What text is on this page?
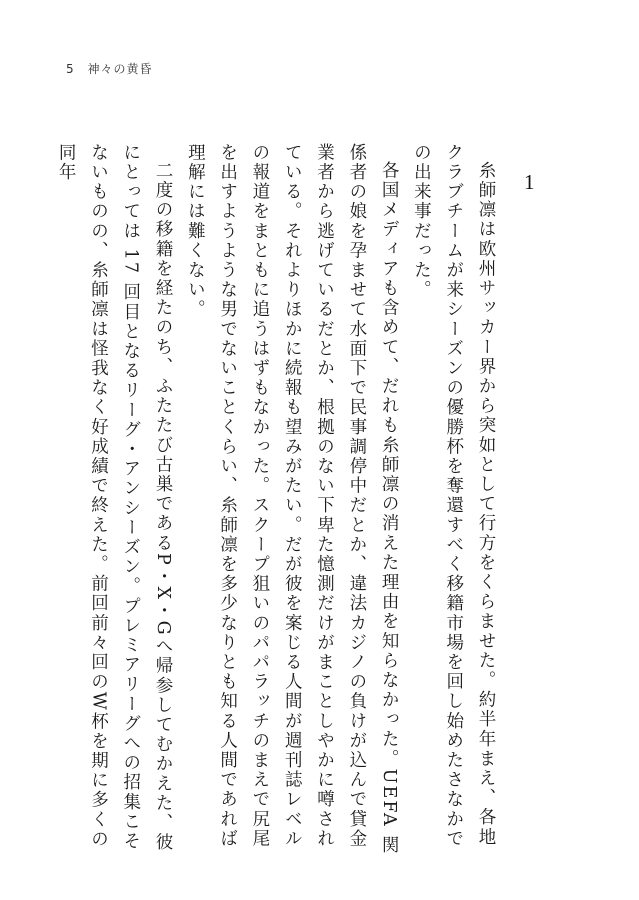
5 神々の黄昏
1

糸師凛は欧州サッカー界から突如として行方をくらませた。約半年まえ、各地クラブチームが来シーズンの優勝杯を奪還すべく移籍市場を回し始めたさなかでの出来事だった。

各国メディアも含めて、だれも糸師凛の消えた理由を知らなかった。UEFA 関係者の娘を孕ませて水面下で民事調停中だとか、違法カジノの負けが込んで貸金業者から逃げているだとか、根拠のない下卑た憶測だけがまことしやかに噂されている。それよりほかに続報も望みがたい。だが彼を案じる人間が週刊誌レベルの報道をまともに追うはずもなかった。スクープ狙いのパパラッチのまえで尻尾を出すようような男でないことくらい、糸師凛を多少なりとも知る人間であれば理解には難くない。

二度の移籍を経たのち、ふたたび古巣であるP・X・Gへ帰参してむかえた、彼にとっては 17 回目となるリーグ・アンシーズン。プレミアリーグへの招集こそないものの、糸師凛は怪我なく好成績で終えた。前回前々回のW杯を期に多くの同年
